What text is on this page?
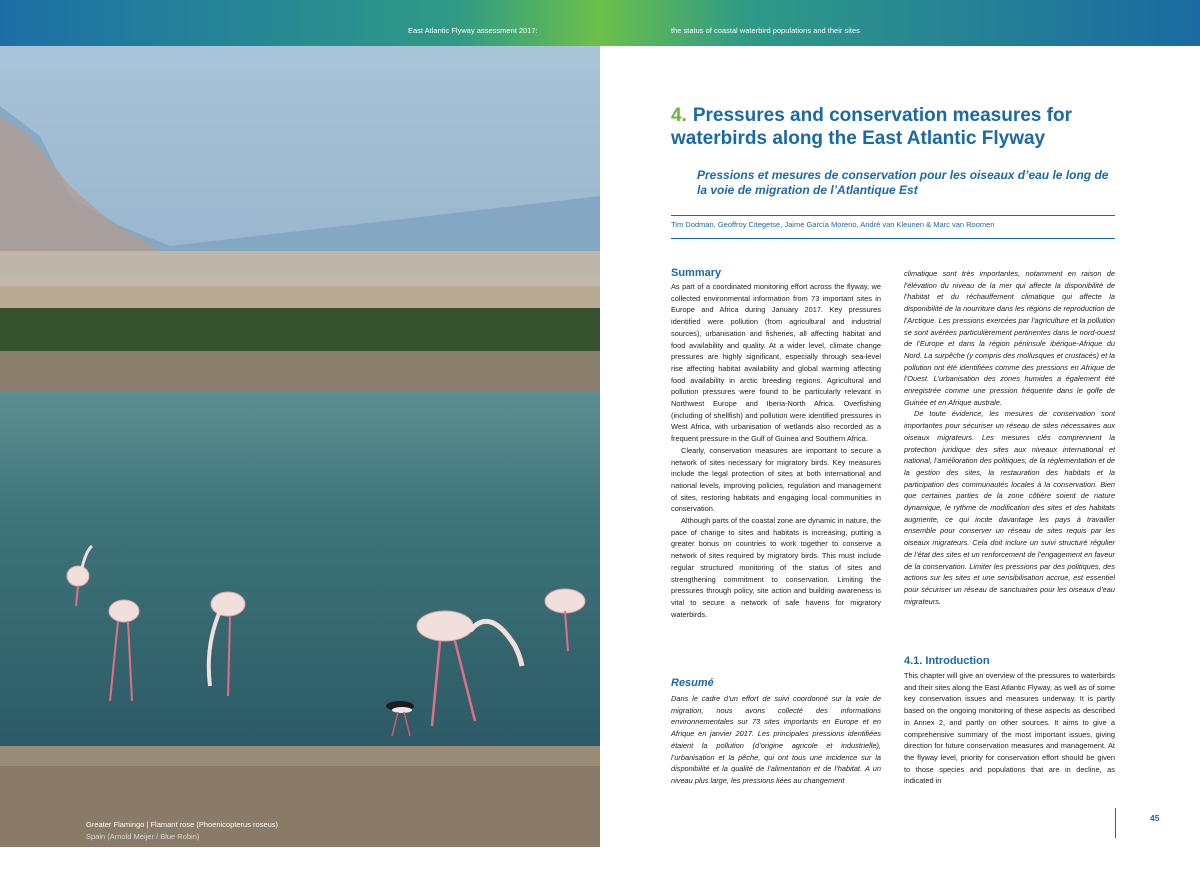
East Atlantic Flyway assessment 2017:	the status of coastal waterbird populations and their sites
Greater Flamingo | Flamant rose (Phoenicopterus roseus)
Spain (Arnold Meijer / Blue Robin)
44
4. Pressures and conservation measures for waterbirds along the East Atlantic Flyway
Pressions et mesures de conservation pour les oiseaux d’eau le long de la voie de migration de l’Atlantique Est
Tim Dodman, Geoffroy Citegetse, Jaime García Moreno, André van Kleunen & Marc van Roomen
Summary

As part of a coordinated monitoring effort across the flyway, we collected environmental information from 73 important sites in Europe and Africa during January 2017. Key pressures identified were pollution (from agricultural and industrial sources), urbanisation and fisheries, all affecting habitat and food availability and quality. At a wider level, climate change pressures are highly significant, especially through sea-level rise affecting habitat availability and global warming affecting food availability in arctic breeding regions. Agricultural and pollution pressures were found to be particularly relevant in Northwest Europe and Iberia-North Africa. Overfishing (including of shellfish) and pollution were identified pressures in West Africa, with urbanisation of wetlands also recorded as a frequent pressure in the Gulf of Guinea and Southern Africa.

Clearly, conservation measures are important to secure a network of sites necessary for migratory birds. Key measures include the legal protection of sites at both international and national levels, improving policies, regulation and management of sites, restoring habitats and engaging local communities in conservation.

Although parts of the coastal zone are dynamic in nature, the pace of change to sites and habitats is increasing, putting a greater bonus on countries to work together to conserve a network of sites required by migratory birds. This must include regular structured monitoring of the status of sites and strengthening commitment to conservation. Limiting the pressures through policy, site action and building awareness is vital to secure a network of safe havens for migratory waterbirds.

Resumé
Dans le cadre d’un effort de suivi coordonné sur la voie de migration, nous avons collecté des informations environnementales sur 73 sites importants en Europe et en Afrique en janvier 2017. Les principales pressions identifiées étaient la pollution (d’origine agricole et industrielle), l’urbanisation et la pêche, qui ont tous une incidence sur la disponibilité et la qualité de l’alimentation et de l’habitat. A un niveau plus large, les pressions liées au changement

climatique sont très importantes, notamment en raison de l’élévation du niveau de la mer qui affecte la disponibilité de l’habitat et du réchauffement climatique qui affecte la disponibilité de la nourriture dans les régions de reproduction de l’Arctique. Les pressions exercées par l’agriculture et la pollution se sont avérées particulièrement pertinentes dans le nord-ouest de l’Europe et dans la région péninsule ibérique-Afrique du Nord. La surpêche (y compris des mollusques et crustacés) et la pollution ont été identifiées comme des pressions en Afrique de l’Ouest. L’urbanisation des zones humides a également été enregistrée comme une pression fréquente dans le golfe de Guinée et en Afrique australe.

De toute évidence, les mesures de conservation sont importantes pour sécuriser un réseau de sites nécessaires aux oiseaux migrateurs. Les mesures clés comprennent la protection juridique des sites aux niveaux international et national, l’amélioration des politiques, de la réglementation et de la gestion des sites, la restauration des habitats et la participation des communautés locales à la conservation. Bien que certaines parties de la zone côtière soient de nature dynamique, le rythme de modification des sites et des habitats augmente, ce qui incite davantage les pays à travailler ensemble pour conserver un réseau de sites requis par les oiseaux migrateurs. Cela doit inclure un suivi structuré régulier de l’état des sites et un renforcement de l’engagement en faveur de la conservation. Limiter les pressions par des politiques, des actions sur les sites et une sensibilisation accrue, est essentiel pour sécuriser un réseau de sanctuaires pour les oiseaux d’eau migrateurs.

4.1. Introduction
This chapter will give an overview of the pressures to waterbirds and their sites along the East Atlantic Flyway, as well as of some key conservation issues and measures underway. It is partly based on the ongoing monitoring of these aspects as described in Annex 2, and partly on other sources. It aims to give a comprehensive summary of the most important issues, giving direction for future conservation measures and management. At the flyway level, priority for conservation effort should be given to those species and populations that are in decline, as indicated in
45
